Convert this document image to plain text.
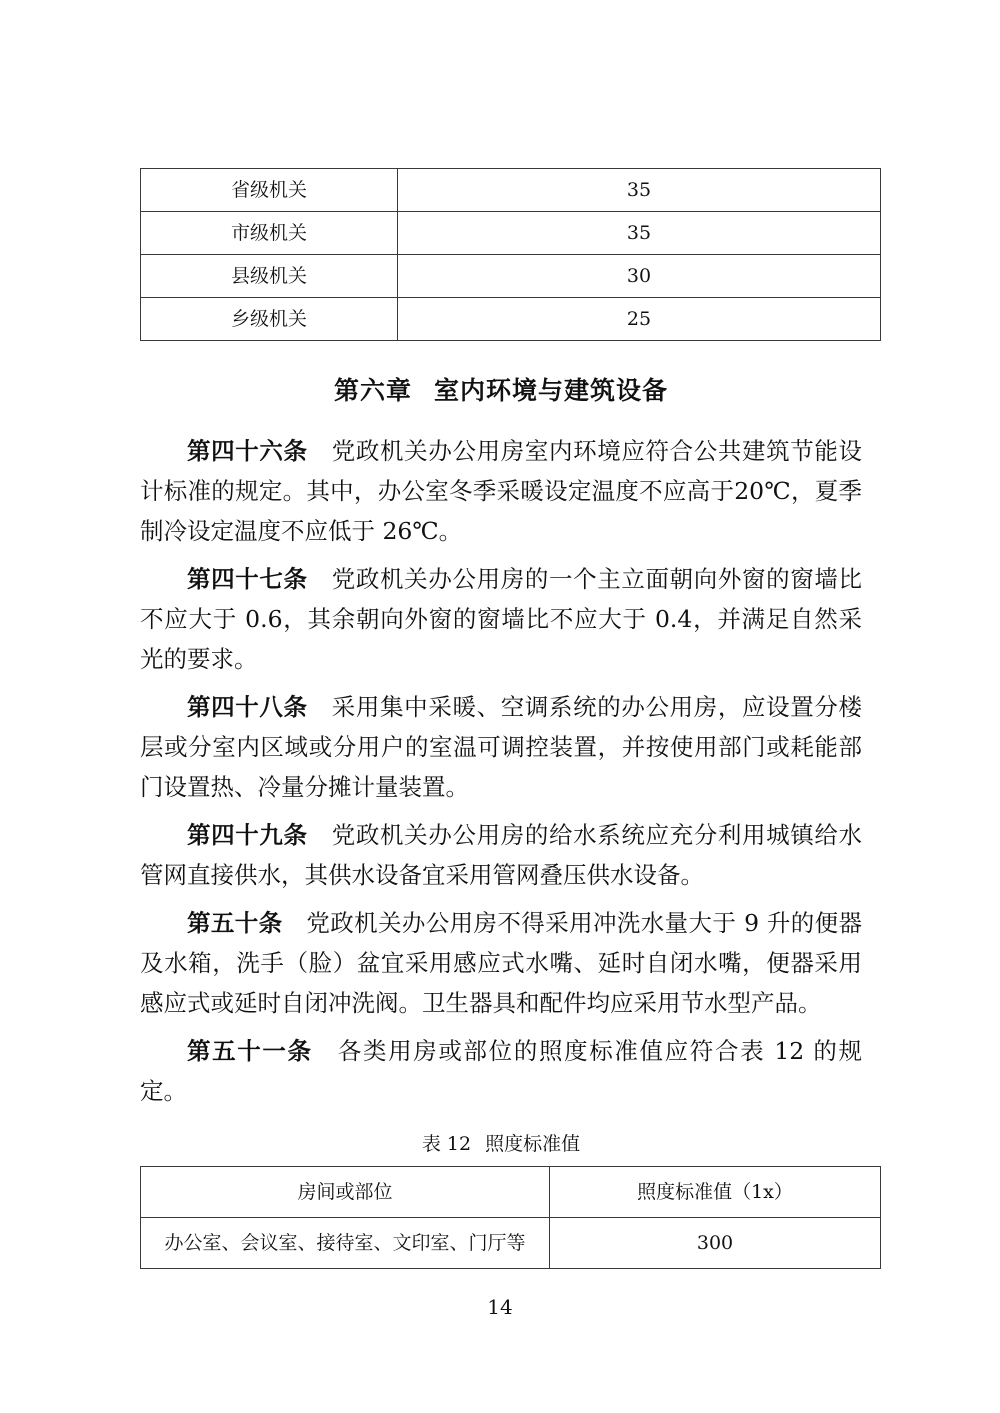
省级机关	35
市级机关	35
县级机关	30
乡级机关	25
第六章 室内环境与建筑设备

第四十六条 党政机关办公用房室内环境应符合公共建筑节能设计标准的规定。其中，办公室冬季采暖设定温度不应高于20℃，夏季制冷设定温度不应低于 26℃。

第四十七条 党政机关办公用房的一个主立面朝向外窗的窗墙比不应大于 0.6，其余朝向外窗的窗墙比不应大于 0.4，并满足自然采光的要求。

第四十八条 采用集中采暖、空调系统的办公用房，应设置分楼层或分室内区域或分用户的室温可调控装置，并按使用部门或耗能部门设置热、冷量分摊计量装置。

第四十九条 党政机关办公用房的给水系统应充分利用城镇给水管网直接供水，其供水设备宜采用管网叠压供水设备。

第五十条 党政机关办公用房不得采用冲洗水量大于 9 升的便器及水箱，洗手（脸）盆宜采用感应式水嘴、延时自闭水嘴，便器采用感应式或延时自闭冲洗阀。卫生器具和配件均应采用节水型产品。

第五十一条 各类用房或部位的照度标准值应符合表 12 的规定。

表 12 照度标准值
房间或部位	照度标准值（1x）
办公室、会议室、接待室、文印室、门厅等	300
14
